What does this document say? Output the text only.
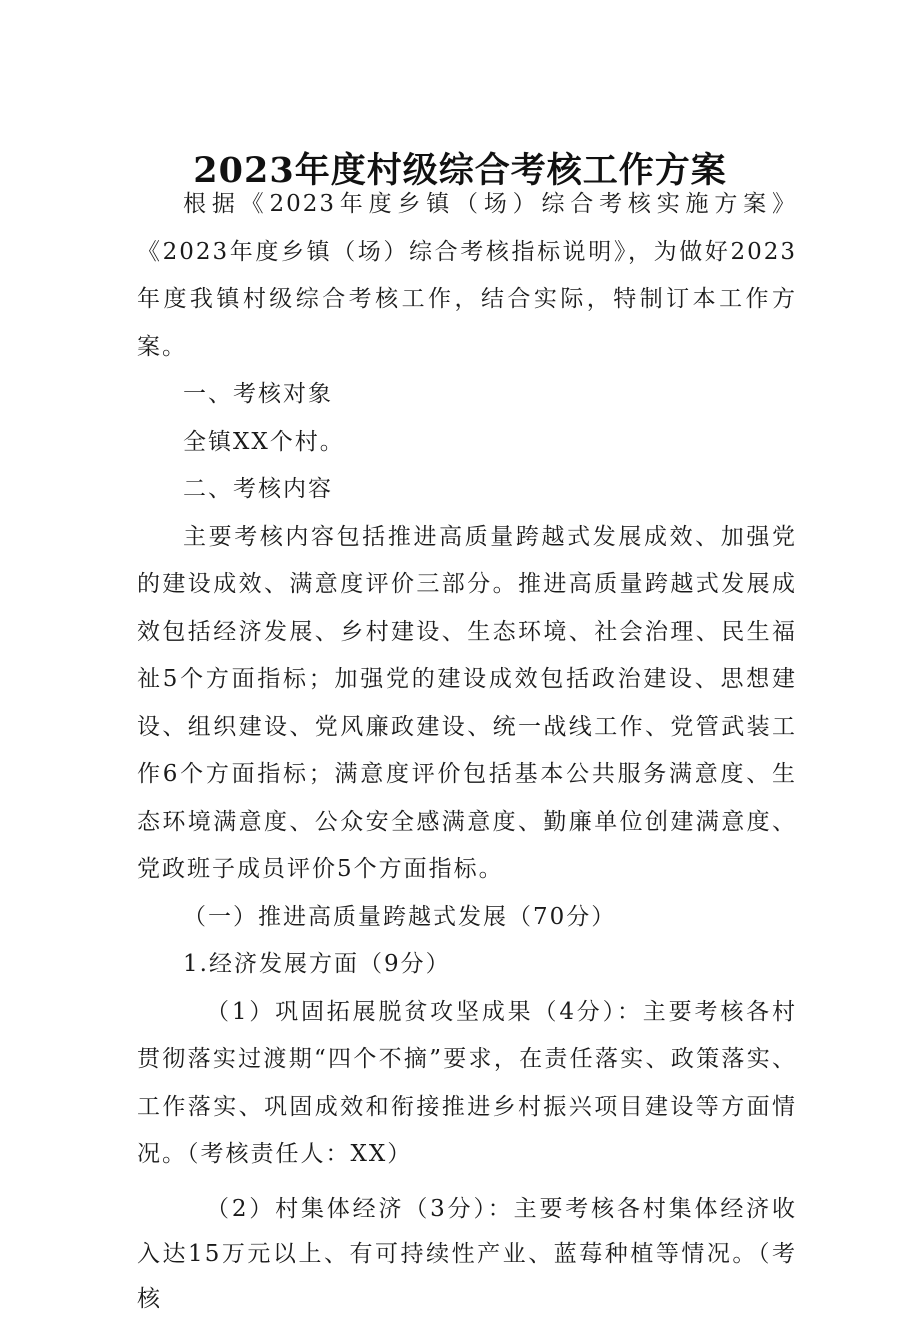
2023年度村级综合考核工作方案

根据《2023年度乡镇（场）综合考核实施方案》《2023年度乡镇（场）综合考核指标说明》，为做好2023年度我镇村级综合考核工作，结合实际，特制订本工作方案。

一、考核对象

全镇XX个村。

二、考核内容

主要考核内容包括推进高质量跨越式发展成效、加强党的建设成效、满意度评价三部分。推进高质量跨越式发展成效包括经济发展、乡村建设、生态环境、社会治理、民生福祉5个方面指标；加强党的建设成效包括政治建设、思想建设、组织建设、党风廉政建设、统一战线工作、党管武装工作6个方面指标；满意度评价包括基本公共服务满意度、生态环境满意度、公众安全感满意度、勤廉单位创建满意度、党政班子成员评价5个方面指标。

（一）推进高质量跨越式发展（70分）

1.经济发展方面（9分）

（1）巩固拓展脱贫攻坚成果（4分）：主要考核各村贯彻落实过渡期“四个不摘”要求，在责任落实、政策落实、工作落实、巩固成效和衔接推进乡村振兴项目建设等方面情况。（考核责任人：XX）

（2）村集体经济（3分）：主要考核各村集体经济收入达15万元以上、有可持续性产业、蓝莓种植等情况。（考核
